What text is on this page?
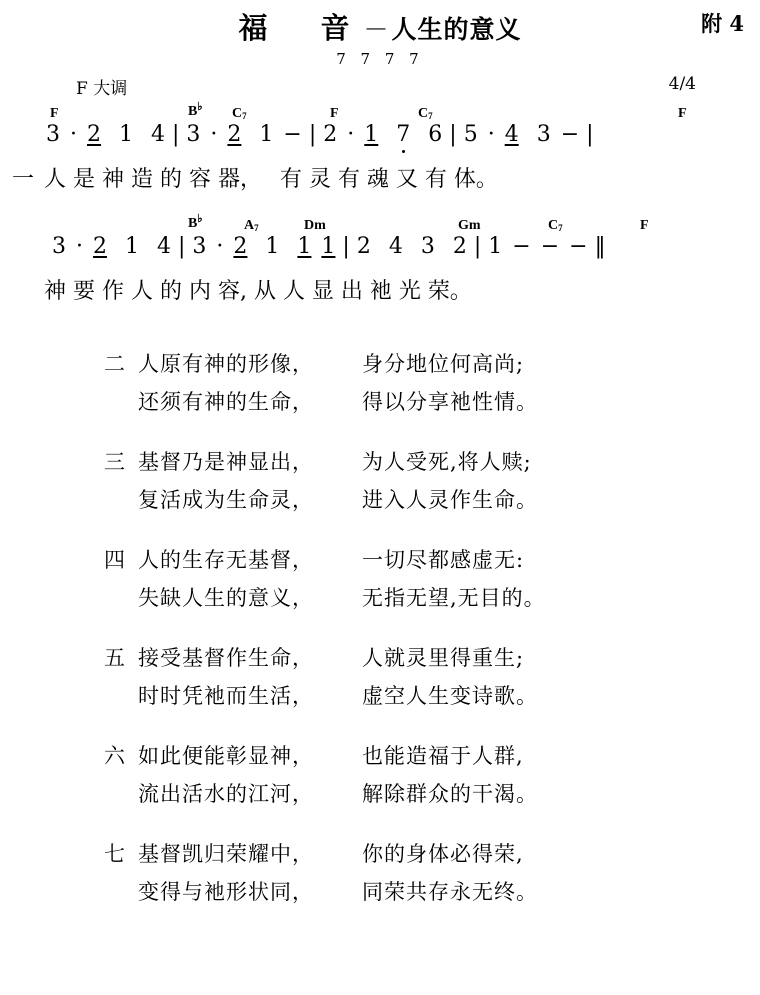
福　音－人生的意义	附 4
7 7 7 7
F 大调	4/4
F	B♭ $C_7$	F	$C_7$	F
3 · 2 1 4 | 3 · 2 1 − | 2 · 1 7 6 | 5 · 4 3 − |
一 人 是 神 造 的 容 器，　 有 灵 有 魂 又 有 体。
B♭	$A_7$	Dm	Gm	$C_7$	F
3 · 2 1 4 | 3 · 2 1 1 1 | 2 4 3 2 | 1 − − − ‖
神 要 作 人 的 内 容, 从 人 显 出 衪 光 荣。
二 人原有神的形像，	身分地位何高尚;
还须有神的生命，	得以分享衪性情。
三 基督乃是神显出，	为人受死,将人赎;
复活成为生命灵，	进入人灵作生命。
四 人的生存无基督，	一切尽都感虚无:
失缺人生的意义，	无指无望,无目的。
五 接受基督作生命，	人就灵里得重生;
时时凭衪而生活，	虚空人生变诗歌。
六 如此便能彰显神，	也能造福于人群,
流出活水的江河，	解除群众的干渴。
七 基督凯归荣耀中，	你的身体必得荣,
变得与衪形状同，	同荣共存永无终。
